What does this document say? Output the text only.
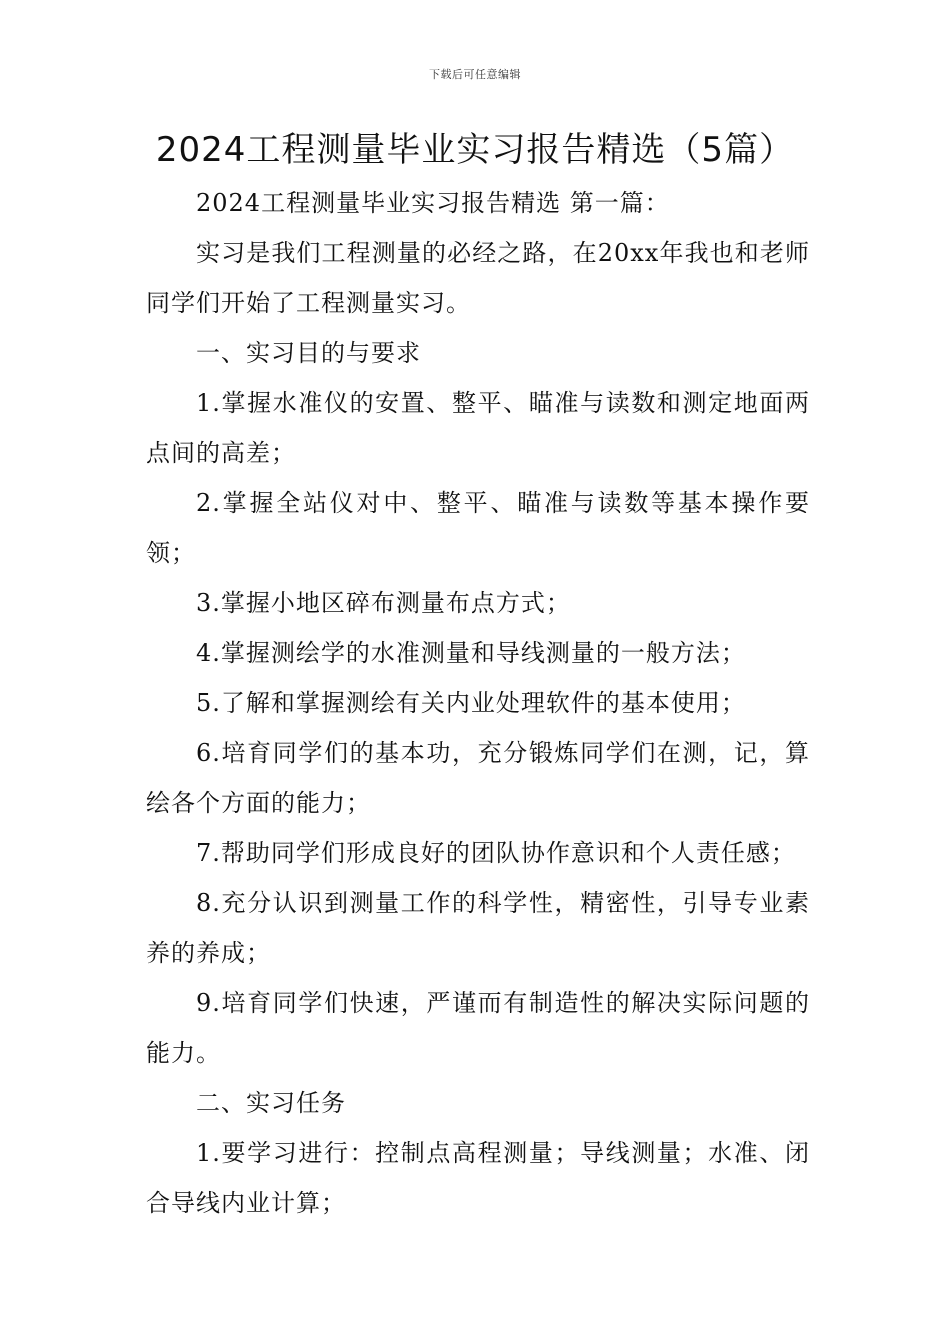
下载后可任意编辑
2024工程测量毕业实习报告精选（5篇）

2024工程测量毕业实习报告精选 第一篇：

实习是我们工程测量的必经之路，在20xx年我也和老师同学们开始了工程测量实习。

一、实习目的与要求

1.掌握水准仪的安置、整平、瞄准与读数和测定地面两点间的高差；

2.掌握全站仪对中、整平、瞄准与读数等基本操作要领；

3.掌握小地区碎布测量布点方式；

4.掌握测绘学的水准测量和导线测量的一般方法；

5.了解和掌握测绘有关内业处理软件的基本使用；

6.培育同学们的基本功，充分锻炼同学们在测，记，算绘各个方面的能力；

7.帮助同学们形成良好的团队协作意识和个人责任感；

8.充分认识到测量工作的科学性，精密性，引导专业素养的养成；

9.培育同学们快速，严谨而有制造性的解决实际问题的能力。

二、实习任务

1.要学习进行：控制点高程测量；导线测量；水准、闭合导线内业计算；
